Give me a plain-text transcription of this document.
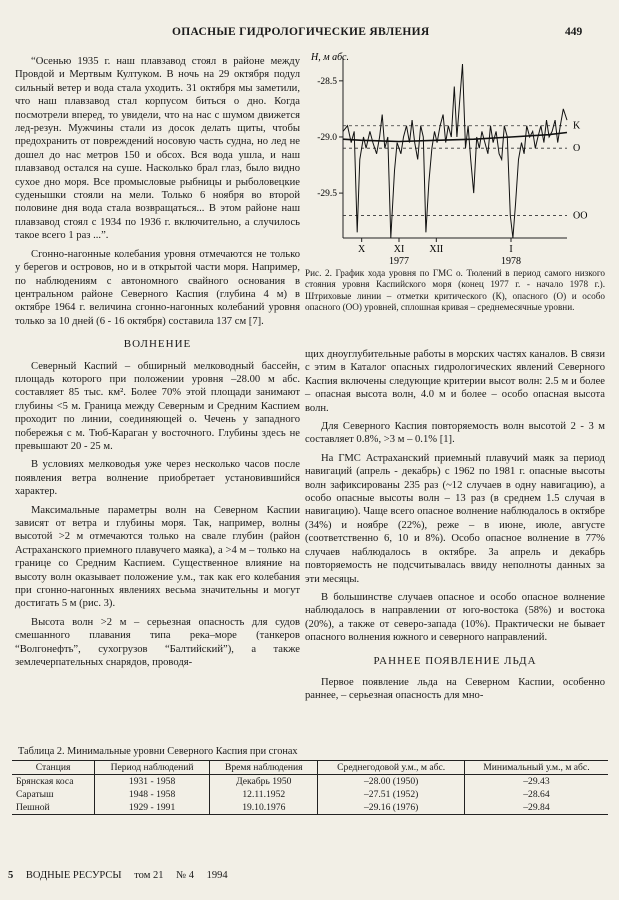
ОПАСНЫЕ ГИДРОЛОГИЧЕСКИЕ ЯВЛЕНИЯ	449

“Осенью 1935 г. наш плавзавод стоял в районе между Провдой и Мертвым Култуком. В ночь на 29 октября подул сильный ветер и вода стала уходить. 31 октября мы заметили, что наш плавзавод стал корпусом биться о дно. Когда посмотрели вперед, то увидели, что на нас с шумом движется лед-резун. Мужчины стали из досок делать щиты, чтобы предохранить от повреждений носовую часть судна, но лед не дошел до нас метров 150 и обсох. Вся вода ушла, и наш плавзавод остался на суше. Насколько брал глаз, было видно сухое дно моря. Все промысловые рыбницы и рыболовецкие суденышки стояли на мели. Только 6 ноября во второй половине дня вода стала возвращаться... В этом районе наш плавзавод стоял с 1934 по 1936 г. включительно, а случилось такое всего 1 раз ...”.

Сгонно-нагонные колебания уровня отмечаются не только у берегов и островов, но и в открытой части моря. Например, по наблюдениям с автономного свайного основания в центральном районе Северного Каспия (глубина 4 м) в октябре 1964 г. величина сгонно-нагонных колебаний уровня только за 10 дней (6 - 16 октября) составила 137 см [7].

ВОЛНЕНИЕ

Северный Каспий – обширный мелководный бассейн, площадь которого при положении уровня –28.00 м абс. составляет 85 тыс. км². Более 70% этой площади занимают глубины <5 м. Граница между Северным и Средним Каспием проходит по линии, соединяющей о. Чечень у западного побережья с м. Тюб-Караган у восточного. Глубины здесь не превышают 20 - 25 м.

В условиях мелководья уже через несколько часов после появления ветра волнение приобретает установившийся характер.

Максимальные параметры волн на Северном Каспии зависят от ветра и глубины моря. Так, например, волны высотой >2 м отмечаются только на свале глубин (район Астраханского приемного плавучего маяка), а >4 м – только на границе со Средним Каспием. Существенное влияние на высоту волн оказывает положение у.м., так как его колебания при сгонно-нагонных явлениях весьма значительны и могут достигать 5 м (рис. 3).

Высота волн >2 м – серьезная опасность для судов смешанного плавания типа река–море (танкеров “Волгонефть”, сухогрузов “Балтийский”), а также землечерпательных снарядов, проводя-

H, м абс.
-28.5
-29.0
-29.5
X	XI	XII	I
1977	1978
K
O
OO
Рис. 2. График хода уровня по ГМС о. Тюлений в период самого низкого стояния уровня Каспийского моря (конец 1977 г. - начало 1978 г.). Штриховые линии – отметки критического (К), опасного (О) и особо опасного (ОО) уровней, сплошная кривая – среднемесячные уровни.

щих дноуглубительные работы в морских частях каналов. В связи с этим в Каталог опасных гидрологических явлений Северного Каспия включены следующие критерии высот волн: 2.5 м и более – опасная высота волн, 4.0 м и более – особо опасная высота волн.

Для Северного Каспия повторяемость волн высотой 2 - 3 м составляет 0.8%, >3 м – 0.1% [1].

На ГМС Астраханский приемный плавучий маяк за период навигаций (апрель - декабрь) с 1962 по 1981 г. опасные высоты волн зафиксированы 235 раз (~12 случаев в одну навигацию), а особо опасные высоты волн – 13 раз (в среднем 1.5 случая в навигацию). Чаще всего опасное волнение наблюдалось в октябре (34%) и ноябре (22%), реже – в июне, июле, августе (соответственно 6, 10 и 8%). Особо опасное волнение в 77% случаев наблюдалось в октябре. За апрель и декабрь повторяемость не подсчитывалась ввиду неполноты данных за эти месяцы.

В большинстве случаев опасное и особо опасное волнение наблюдалось в направлении от юго-востока (58%) и востока (20%), а также от северо-запада (10%). Практически не бывает опасного волнения южного и северного направлений.

РАННЕЕ ПОЯВЛЕНИЕ ЛЬДА

Первое появление льда на Северном Каспии, особенно раннее, – серьезная опасность для мно-

Таблица 2. Минимальные уровни Северного Каспия при сгонах
Станция	Период наблюдений	Время наблюдения	Среднегодовой у.м., м абс.	Минимальный у.м., м абс.
Брянская коса	1931 - 1958	Декабрь 1950	–28.00 (1950)	–29.43
Саратыш	1948 - 1958	12.11.1952	–27.51 (1952)	–28.64
Пешной	1929 - 1991	19.10.1976	–29.16 (1976)	–29.84
5 ВОДНЫЕ РЕСУРСЫ том 21 № 4 1994
